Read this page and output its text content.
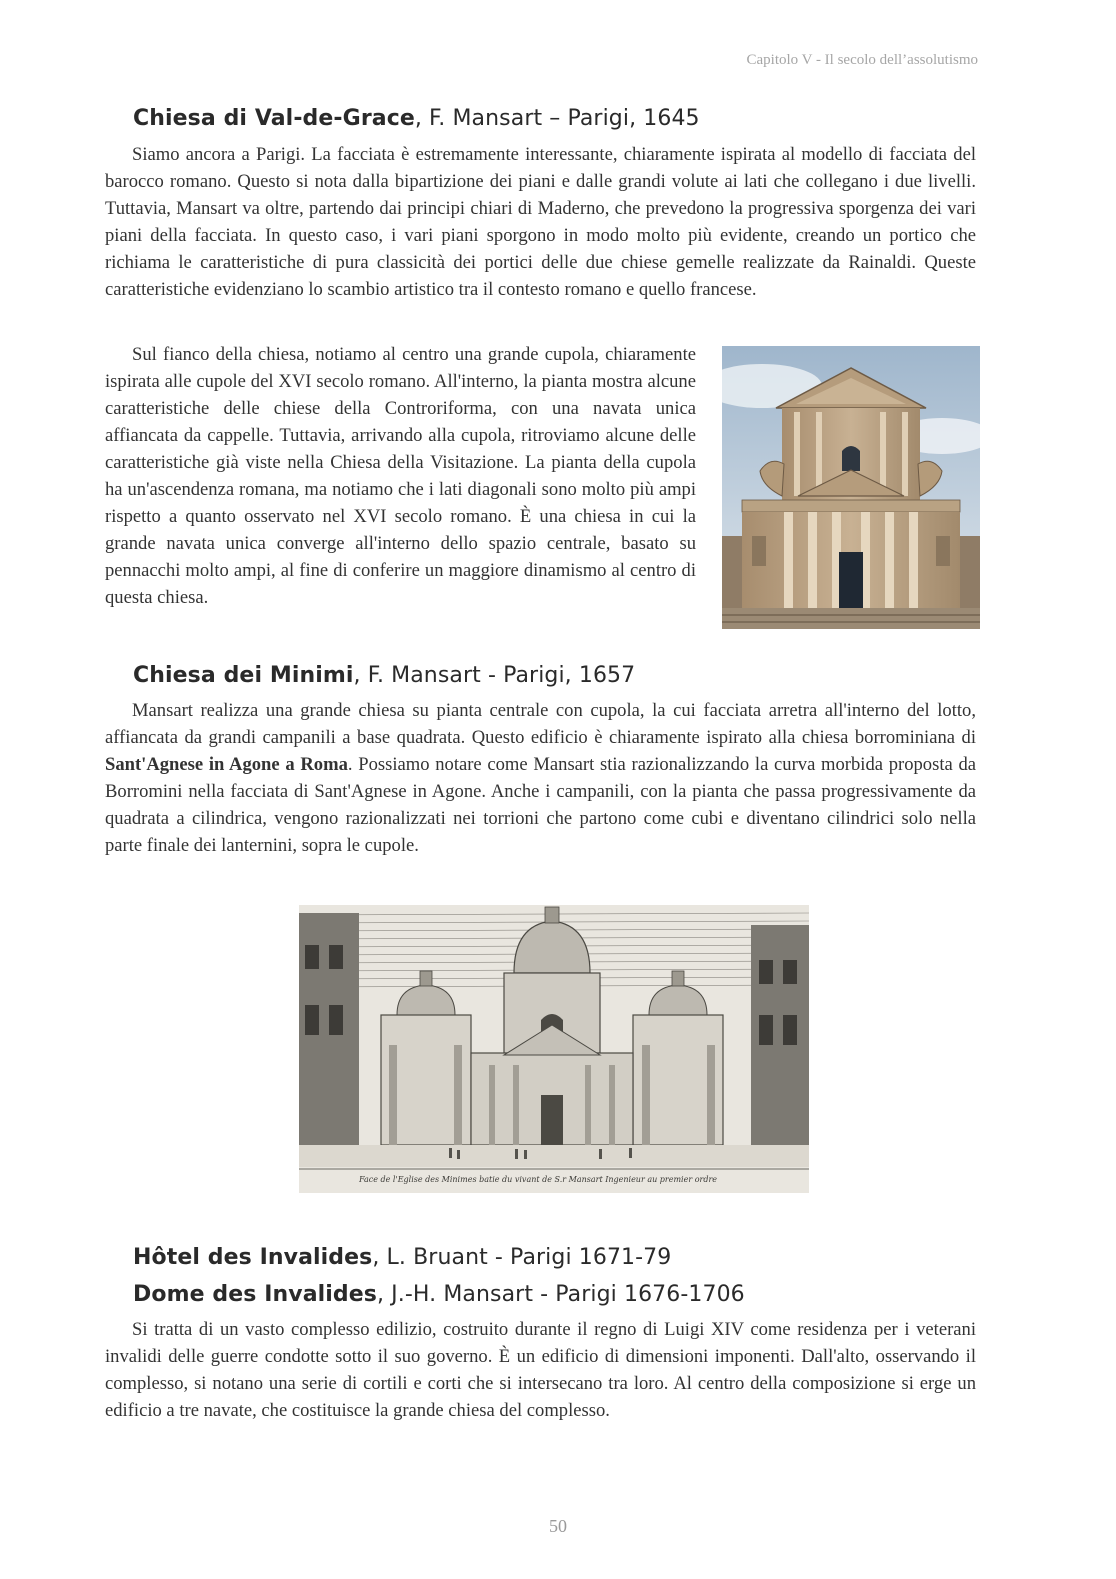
Capitolo V - Il secolo dell’assolutismo
Chiesa di Val-de-Grace, F. Mansart – Parigi, 1645

Siamo ancora a Parigi. La facciata è estremamente interessante, chiaramente ispirata al modello di facciata del barocco romano. Questo si nota dalla bipartizione dei piani e dalle grandi volute ai lati che collegano i due livelli. Tuttavia, Mansart va oltre, partendo dai principi chiari di Maderno, che prevedono la progressiva sporgenza dei vari piani della facciata. In questo caso, i vari piani sporgono in modo molto più evidente, creando un portico che richiama le caratteristiche di pura classicità dei portici delle due chiese gemelle realizzate da Rainaldi. Queste caratteristiche evidenziano lo scambio artistico tra il contesto romano e quello francese.

Sul fianco della chiesa, notiamo al centro una grande cupola, chiaramente ispirata alle cupole del XVI secolo romano. All'interno, la pianta mostra alcune caratteristiche delle chiese della Controriforma, con una navata unica affiancata da cappelle. Tuttavia, arrivando alla cupola, ritroviamo alcune delle caratteristiche già viste nella Chiesa della Visitazione. La pianta della cupola ha un'ascendenza romana, ma notiamo che i lati diagonali sono molto più ampi rispetto a quanto osservato nel XVI secolo romano. È una chiesa in cui la grande navata unica converge all'interno dello spazio centrale, basato su pennacchi molto ampi, al fine di conferire un maggiore dinamismo al centro di questa chiesa.

Chiesa dei Minimi, F. Mansart - Parigi, 1657

Mansart realizza una grande chiesa su pianta centrale con cupola, la cui facciata arretra all'interno del lotto, affiancata da grandi campanili a base quadrata. Questo edificio è chiaramente ispirato alla chiesa borrominiana di Sant'Agnese in Agone a Roma. Possiamo notare come Mansart stia razionalizzando la curva morbida proposta da Borromini nella facciata di Sant'Agnese in Agone. Anche i campanili, con la pianta che passa progressivamente da quadrata a cilindrica, vengono razionalizzati nei torrioni che partono come cubi e diventano cilindrici solo nella parte finale dei lanternini, sopra le cupole.

Face de l'Eglise des Minimes batie du vivant de S.r Mansart Ingenieur au premier ordre
Hôtel des Invalides, L. Bruant - Parigi 1671-79
Dome des Invalides, J.-H. Mansart - Parigi 1676-1706

Si tratta di un vasto complesso edilizio, costruito durante il regno di Luigi XIV come residenza per i veterani invalidi delle guerre condotte sotto il suo governo. È un edificio di dimensioni imponenti. Dall'alto, osservando il complesso, si notano una serie di cortili e corti che si intersecano tra loro. Al centro della composizione si erge un edificio a tre navate, che costituisce la grande chiesa del complesso.

50
